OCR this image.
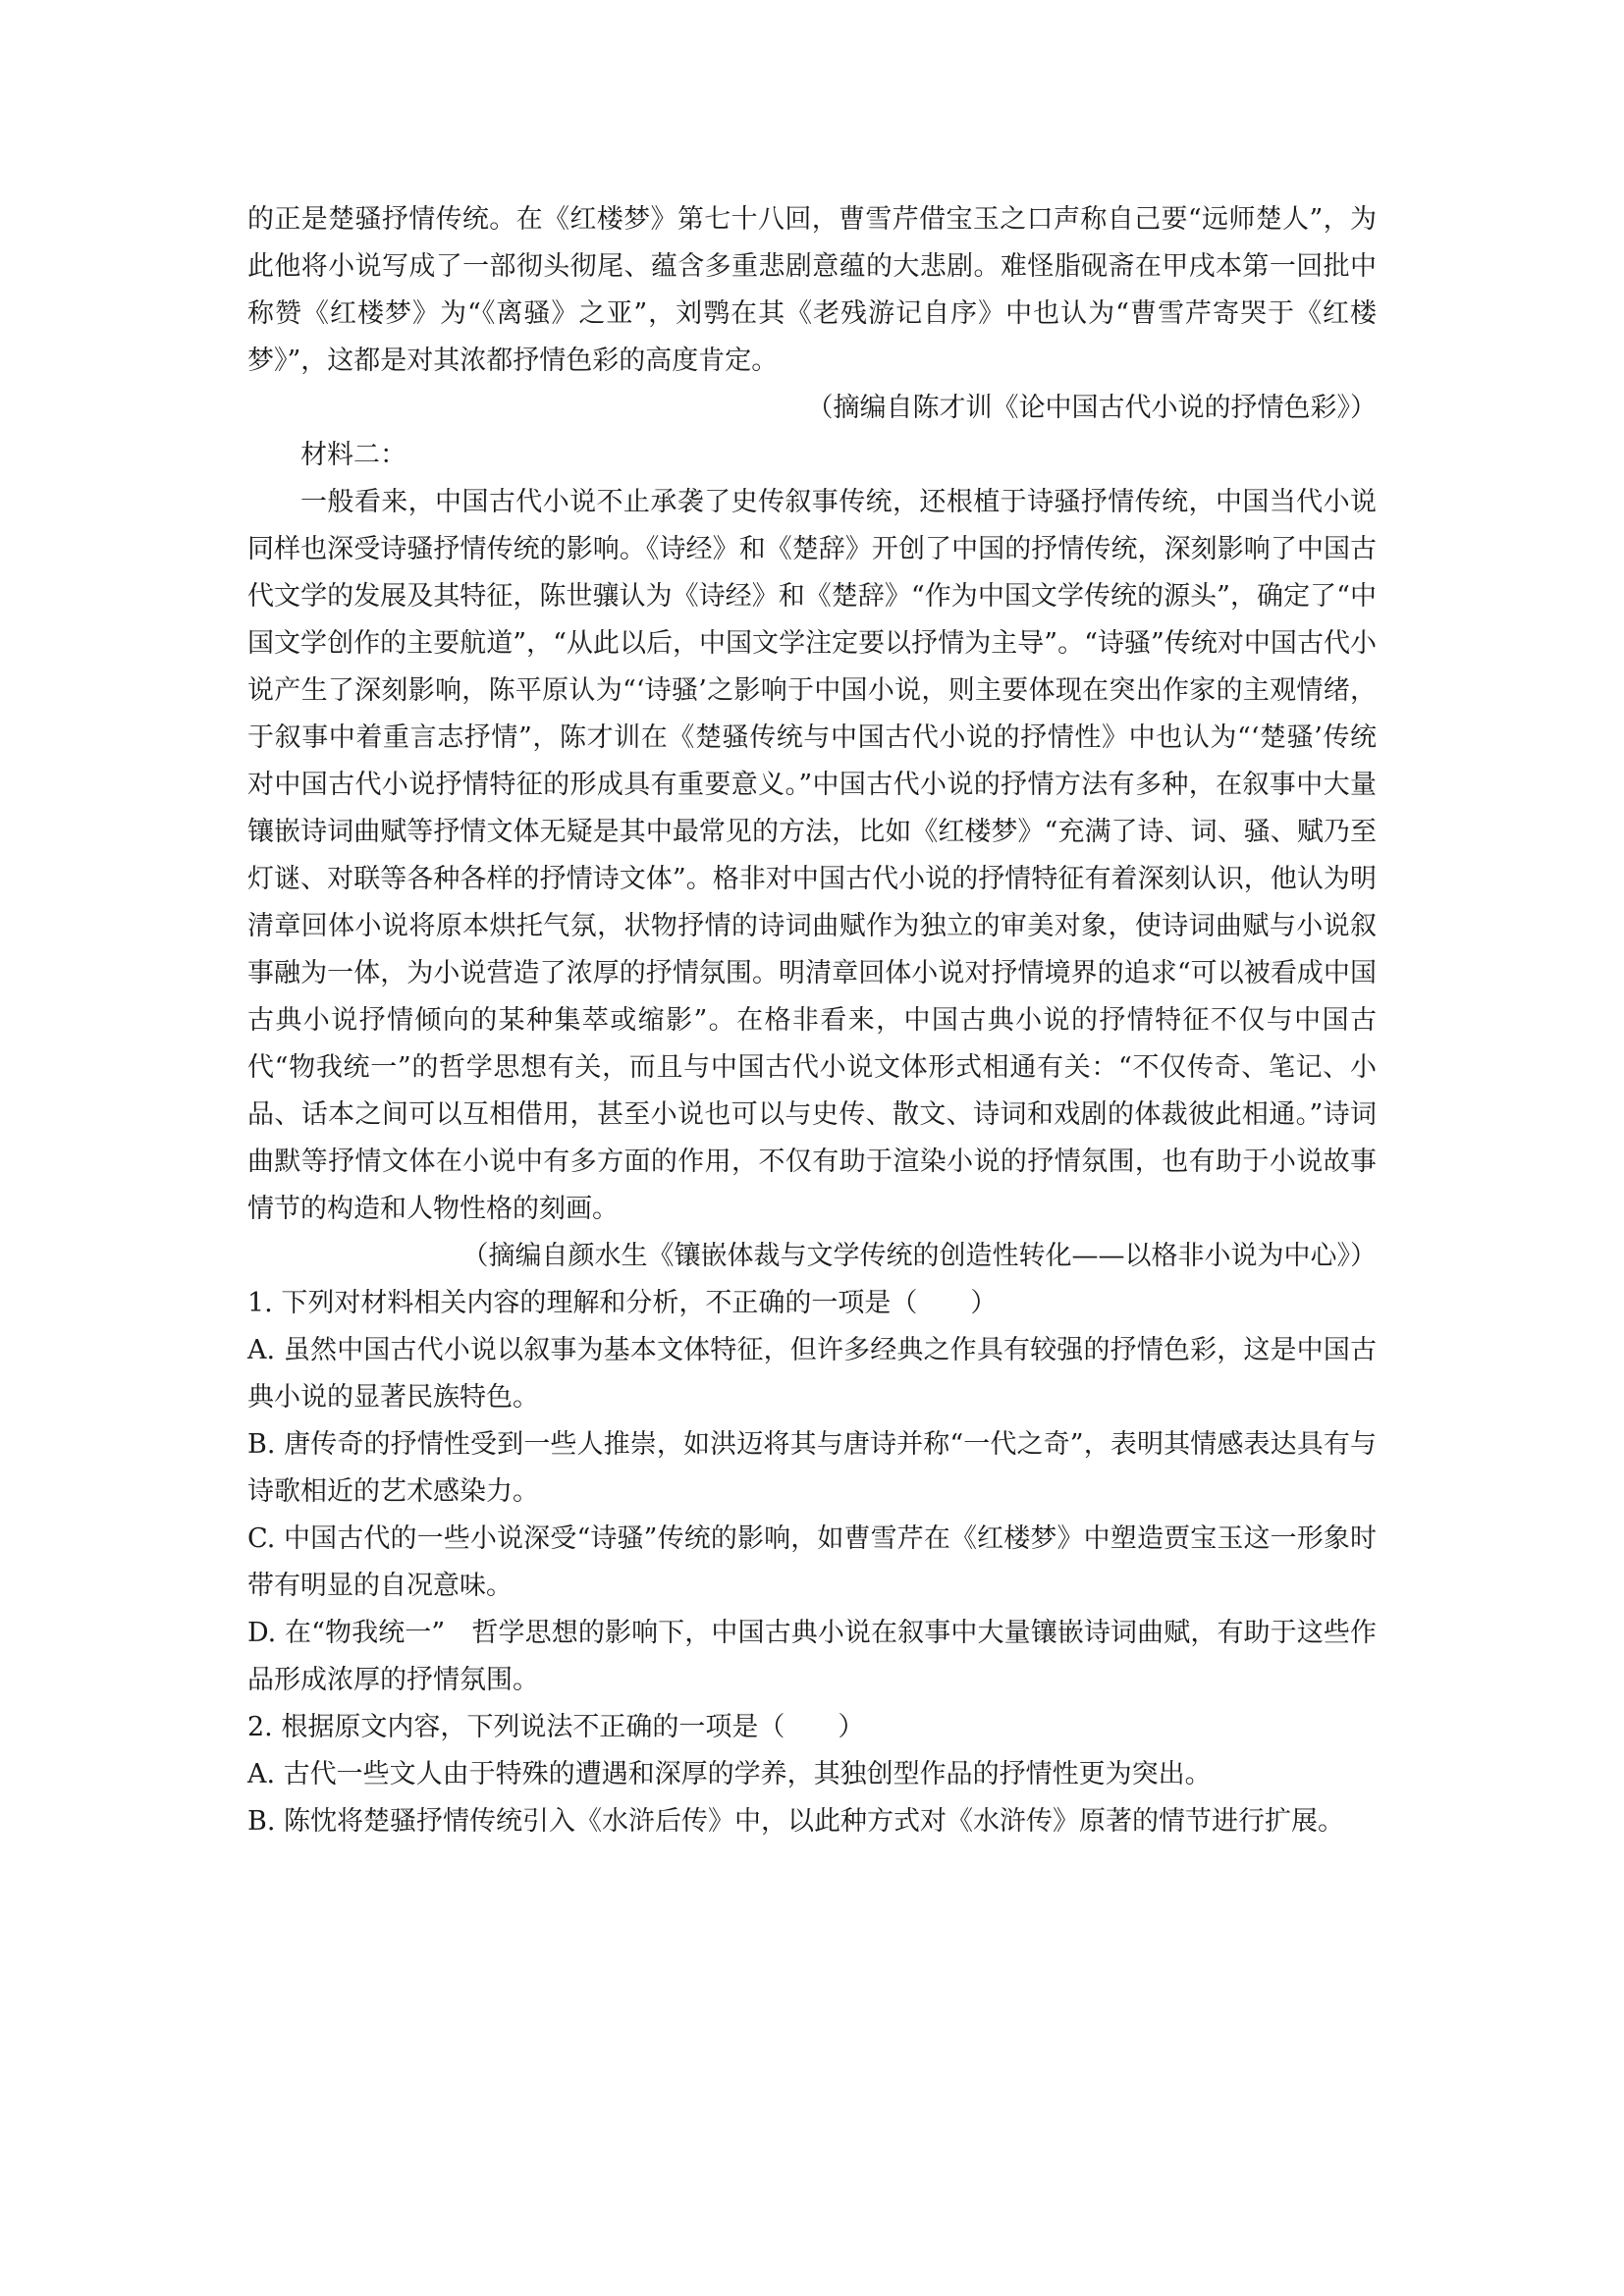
的正是楚骚抒情传统。在《红楼梦》第七十八回，曹雪芹借宝玉之口声称自己要“远师楚人”，为此他将小说写成了一部彻头彻尾、蕴含多重悲剧意蕴的大悲剧。难怪脂砚斋在甲戌本第一回批中称赞《红楼梦》为“《离骚》之亚”，刘鹗在其《老残游记自序》中也认为“曹雪芹寄哭于《红楼梦》”，这都是对其浓都抒情色彩的高度肯定。

（摘编自陈才训《论中国古代小说的抒情色彩》）

材料二：

一般看来，中国古代小说不止承袭了史传叙事传统，还根植于诗骚抒情传统，中国当代小说同样也深受诗骚抒情传统的影响。《诗经》和《楚辞》开创了中国的抒情传统，深刻影响了中国古代文学的发展及其特征，陈世骧认为《诗经》和《楚辞》“作为中国文学传统的源头”，确定了“中国文学创作的主要航道”，“从此以后，中国文学注定要以抒情为主导”。“诗骚”传统对中国古代小说产生了深刻影响，陈平原认为“‘诗骚’之影响于中国小说，则主要体现在突出作家的主观情绪，于叙事中着重言志抒情”，陈才训在《楚骚传统与中国古代小说的抒情性》中也认为“‘楚骚’传统对中国古代小说抒情特征的形成具有重要意义。”中国古代小说的抒情方法有多种，在叙事中大量镶嵌诗词曲赋等抒情文体无疑是其中最常见的方法，比如《红楼梦》“充满了诗、词、骚、赋乃至灯谜、对联等各种各样的抒情诗文体”。格非对中国古代小说的抒情特征有着深刻认识，他认为明清章回体小说将原本烘托气氛，状物抒情的诗词曲赋作为独立的审美对象，使诗词曲赋与小说叙事融为一体，为小说营造了浓厚的抒情氛围。明清章回体小说对抒情境界的追求“可以被看成中国古典小说抒情倾向的某种集萃或缩影”。在格非看来，中国古典小说的抒情特征不仅与中国古代“物我统一”的哲学思想有关，而且与中国古代小说文体形式相通有关：“不仅传奇、笔记、小品、话本之间可以互相借用，甚至小说也可以与史传、散文、诗词和戏剧的体裁彼此相通。”诗词曲默等抒情文体在小说中有多方面的作用，不仅有助于渲染小说的抒情氛围，也有助于小说故事情节的构造和人物性格的刻画。

（摘编自颜水生《镶嵌体裁与文学传统的创造性转化——以格非小说为中心》）

1. 下列对材料相关内容的理解和分析，不正确的一项是（　　）

A. 虽然中国古代小说以叙事为基本文体特征，但许多经典之作具有较强的抒情色彩，这是中国古典小说的显著民族特色。

B. 唐传奇的抒情性受到一些人推崇，如洪迈将其与唐诗并称“一代之奇”，表明其情感表达具有与诗歌相近的艺术感染力。

C. 中国古代的一些小说深受“诗骚”传统的影响，如曹雪芹在《红楼梦》中塑造贾宝玉这一形象时带有明显的自况意味。

D. 在“物我统一”　哲学思想的影响下，中国古典小说在叙事中大量镶嵌诗词曲赋，有助于这些作品形成浓厚的抒情氛围。

2. 根据原文内容，下列说法不正确的一项是（　　）

A. 古代一些文人由于特殊的遭遇和深厚的学养，其独创型作品的抒情性更为突出。

B. 陈忱将楚骚抒情传统引入《水浒后传》中，以此种方式对《水浒传》原著的情节进行扩展。
